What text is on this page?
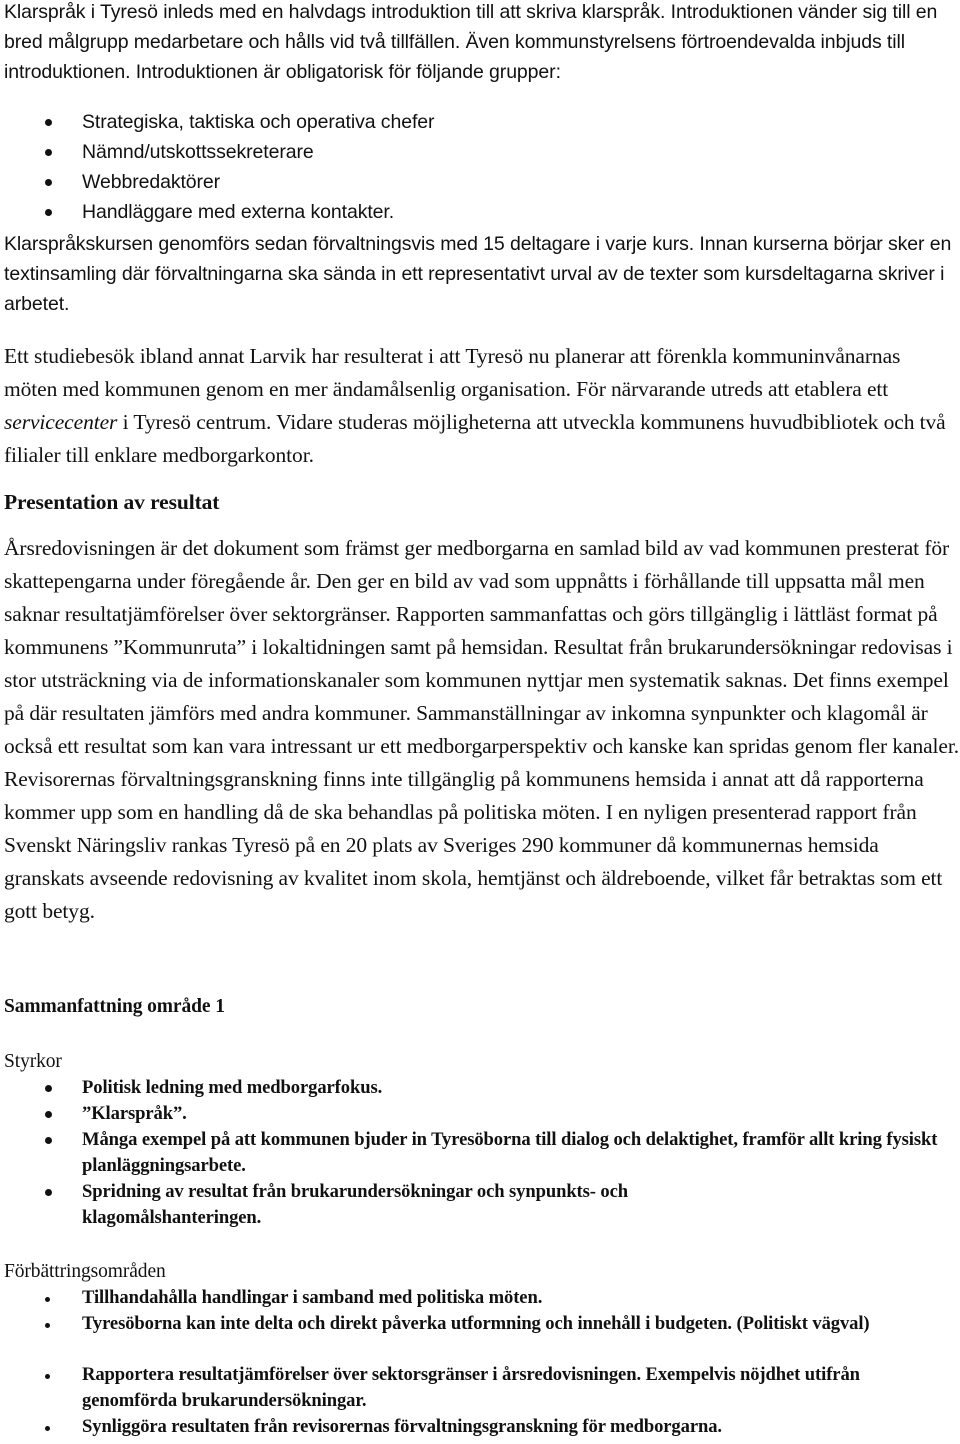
Klarspråk i Tyresö inleds med en halvdags introduktion till att skriva klarspråk. Introduktionen vänder sig till en bred målgrupp medarbetare och hålls vid två tillfällen. Även kommunstyrelsens förtroendevalda inbjuds till introduktionen. Introduktionen är obligatorisk för följande grupper:

Strategiska, taktiska och operativa chefer

Nämnd/utskottssekreterare

Webbredaktörer

Handläggare med externa kontakter.

Klarspråkskursen genomförs sedan förvaltningsvis med 15 deltagare i varje kurs. Innan kurserna börjar sker en textinsamling där förvaltningarna ska sända in ett representativt urval av de texter som kursdeltagarna skriver i arbetet.

Ett studiebesök ibland annat Larvik har resulterat i att Tyresö nu planerar att förenkla kommuninvånarnas möten med kommunen genom en mer ändamålsenlig organisation. För närvarande utreds att etablera ett servicecenter i Tyresö centrum. Vidare studeras möjligheterna att utveckla kommunens huvudbibliotek och två filialer till enklare medborgarkontor.

Presentation av resultat

Årsredovisningen är det dokument som främst ger medborgarna en samlad bild av vad kommunen presterat för skattepengarna under föregående år. Den ger en bild av vad som uppnåtts i förhållande till uppsatta mål men saknar resultatjämförelser över sektorgränser. Rapporten sammanfattas och görs tillgänglig i lättläst format på kommunens ”Kommunruta” i lokaltidningen samt på hemsidan. Resultat från brukarundersökningar redovisas i stor utsträckning via de informationskanaler som kommunen nyttjar men systematik saknas. Det finns exempel på där resultaten jämförs med andra kommuner. Sammanställningar av inkomna synpunkter och klagomål är också ett resultat som kan vara intressant ur ett medborgarperspektiv och kanske kan spridas genom fler kanaler. Revisorernas förvaltningsgranskning finns inte tillgänglig på kommunens hemsida i annat att då rapporterna kommer upp som en handling då de ska behandlas på politiska möten. I en nyligen presenterad rapport från Svenskt Näringsliv rankas Tyresö på en 20 plats av Sveriges 290 kommuner då kommunernas hemsida granskats avseende redovisning av kvalitet inom skola, hemtjänst och äldreboende, vilket får betraktas som ett gott betyg.

Sammanfattning område 1
Styrkor

Politisk ledning med medborgarfokus.

”Klarspråk”.

Många exempel på att kommunen bjuder in Tyresöborna till dialog och delaktighet, framför allt kring fysiskt planläggningsarbete.

Spridning av resultat från brukarundersökningar och synpunkts- och klagomålshanteringen.

Förbättringsområden

Tillhandahålla handlingar i samband med politiska möten.

Tyresöborna kan inte delta och direkt påverka utformning och innehåll i budgeten. (Politiskt vägval)

Rapportera resultatjämförelser över sektorsgränser i årsredovisningen. Exempelvis nöjdhet utifrån genomförda brukarundersökningar.

Synliggöra resultaten från revisorernas förvaltningsgranskning för medborgarna.
